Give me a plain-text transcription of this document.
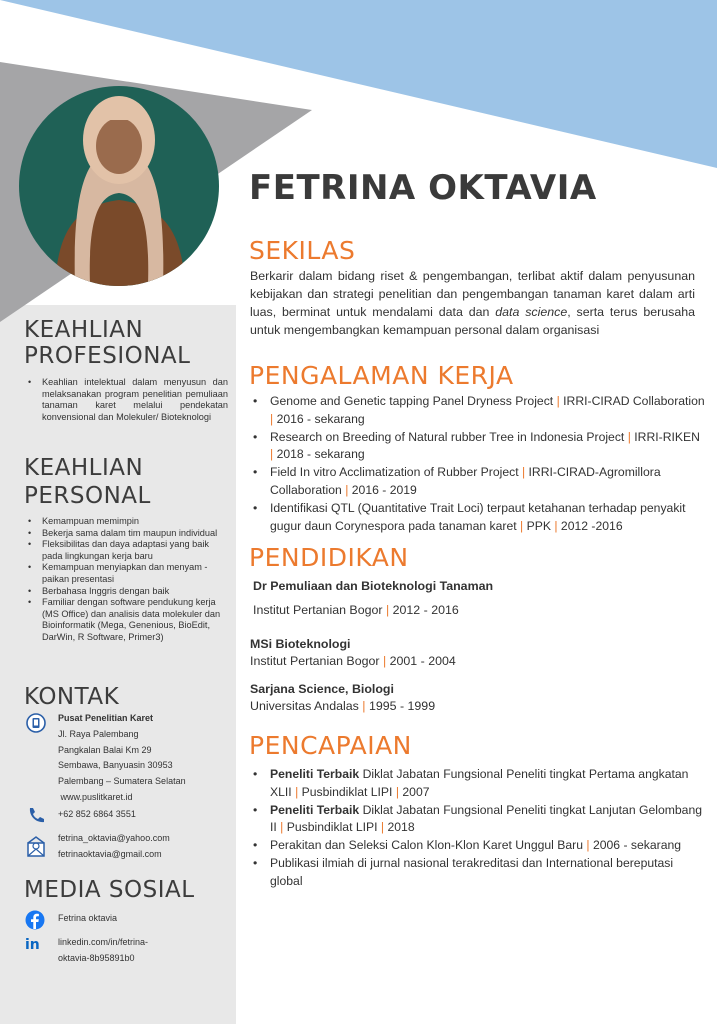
KEAHLIAN
PROFESIONAL
• Keahlian intelektual dalam menyusun dan melaksanakan program penelitian pemuliaan tanaman karet melalui pendekatan konvensional dan Molekuler/ Bioteknologi
KEAHLIAN
PERSONAL
• Kemampuan memimpin
• Bekerja sama dalam tim maupun individual
• Fleksibilitas dan daya adaptasi yang baik pada lingkungan kerja baru
• Kemampuan menyiapkan dan menyam - paikan presentasi
• Berbahasa Inggris dengan baik
• Familiar dengan software pendukung kerja (MS Office) dan analisis data molekuler dan Bioinformatik (Mega, Genenious, BioEdit, DarWin, R Software, Primer3)
KONTAK
Pusat Penelitian Karet
Jl. Raya Palembang
Pangkalan Balai Km 29
Sembawa, Banyuasin 30953
Palembang – Sumatera Selatan
www.puslitkaret.id
+62 852 6864 3551
fetrina_oktavia@yahoo.com
fetrinaoktavia@gmail.com
MEDIA SOSIAL
Fetrina oktavia
in linkedin.com/in/fetrina-
oktavia-8b95891b0
FETRINA OKTAVIA
SEKILAS
Berkarir dalam bidang riset & pengembangan, terlibat aktif dalam penyusunan kebijakan dan strategi penelitian dan pengembangan tanaman karet dalam arti luas, berminat untuk mendalami data dan data science, serta terus berusaha untuk mengembangkan kemampuan personal dalam organisasi
PENGALAMAN KERJA
• Genome and Genetic tapping Panel Dryness Project | IRRI-CIRAD Collaboration | 2016 - sekarang
• Research on Breeding of Natural rubber Tree in Indonesia Project | IRRI-RIKEN | 2018 - sekarang
• Field In vitro Acclimatization of Rubber Project | IRRI-CIRAD-Agromillora Collaboration | 2016 - 2019
• Identifikasi QTL (Quantitative Trait Loci) terpaut ketahanan terhadap penyakit gugur daun Corynespora pada tanaman karet | PPK | 2012 -2016
PENDIDIKAN
Dr Pemuliaan dan Bioteknologi Tanaman
Institut Pertanian Bogor | 2012 - 2016
MSi Bioteknologi
Institut Pertanian Bogor | 2001 - 2004
Sarjana Science, Biologi
Universitas Andalas | 1995 - 1999
PENCAPAIAN
• Peneliti Terbaik Diklat Jabatan Fungsional Peneliti tingkat Pertama angkatan XLII | Pusbindiklat LIPI | 2007
• Peneliti Terbaik Diklat Jabatan Fungsional Peneliti tingkat Lanjutan Gelombang II | Pusbindiklat LIPI | 2018
• Perakitan dan Seleksi Calon Klon-Klon Karet Unggul Baru | 2006 - sekarang
• Publikasi ilmiah di jurnal nasional terakreditasi dan International bereputasi global
